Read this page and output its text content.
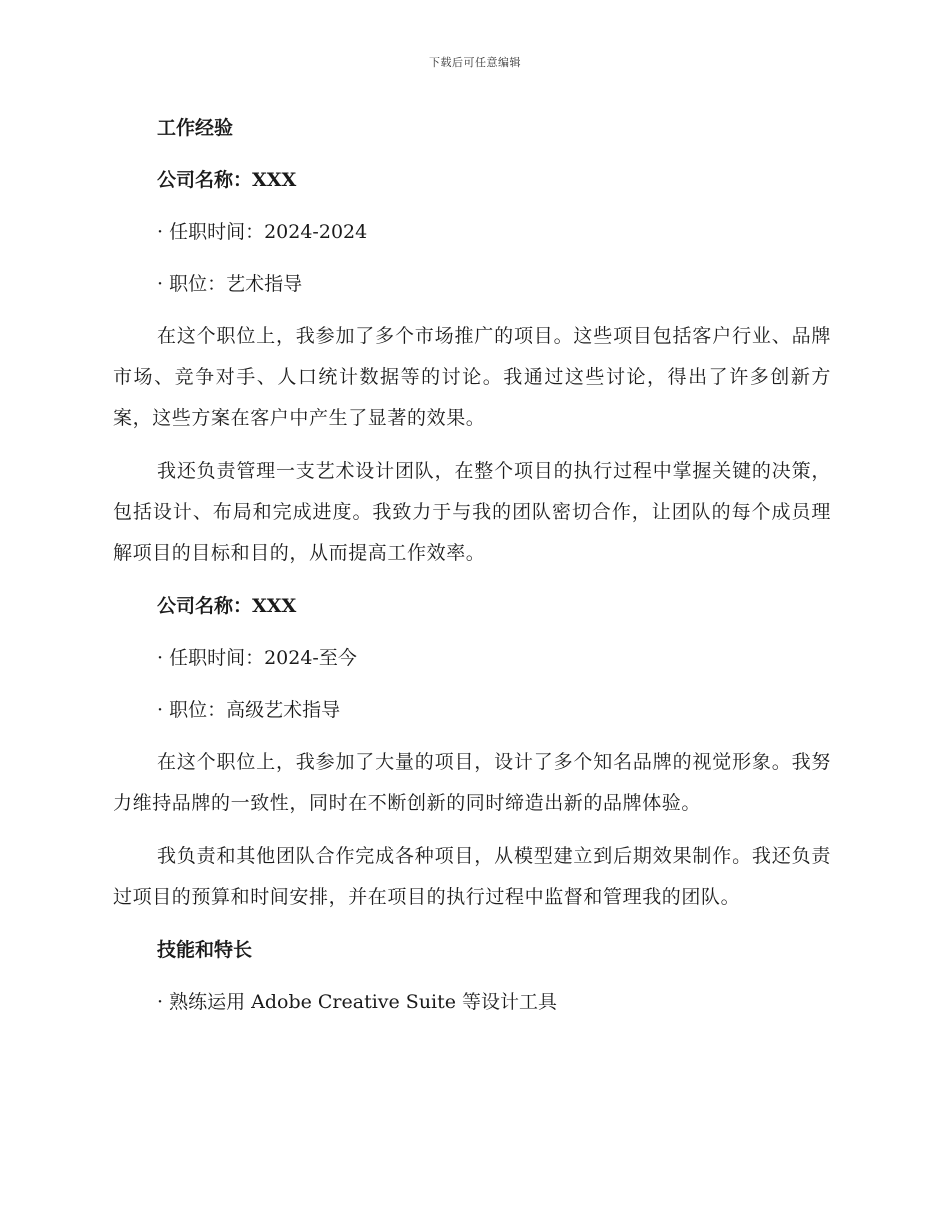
下载后可任意编辑
工作经验
公司名称：XXX
· 任职时间：2024-2024
· 职位：艺术指导
在这个职位上，我参加了多个市场推广的项目。这些项目包括客户行业、品牌市场、竞争对手、人口统计数据等的讨论。我通过这些讨论，得出了许多创新方案，这些方案在客户中产生了显著的效果。
我还负责管理一支艺术设计团队，在整个项目的执行过程中掌握关键的决策，包括设计、布局和完成进度。我致力于与我的团队密切合作，让团队的每个成员理解项目的目标和目的，从而提高工作效率。
公司名称：XXX
· 任职时间：2024-至今
· 职位：高级艺术指导
在这个职位上，我参加了大量的项目，设计了多个知名品牌的视觉形象。我努力维持品牌的一致性，同时在不断创新的同时缔造出新的品牌体验。
我负责和其他团队合作完成各种项目，从模型建立到后期效果制作。我还负责过项目的预算和时间安排，并在项目的执行过程中监督和管理我的团队。
技能和特长
· 熟练运用 Adobe Creative Suite 等设计工具
